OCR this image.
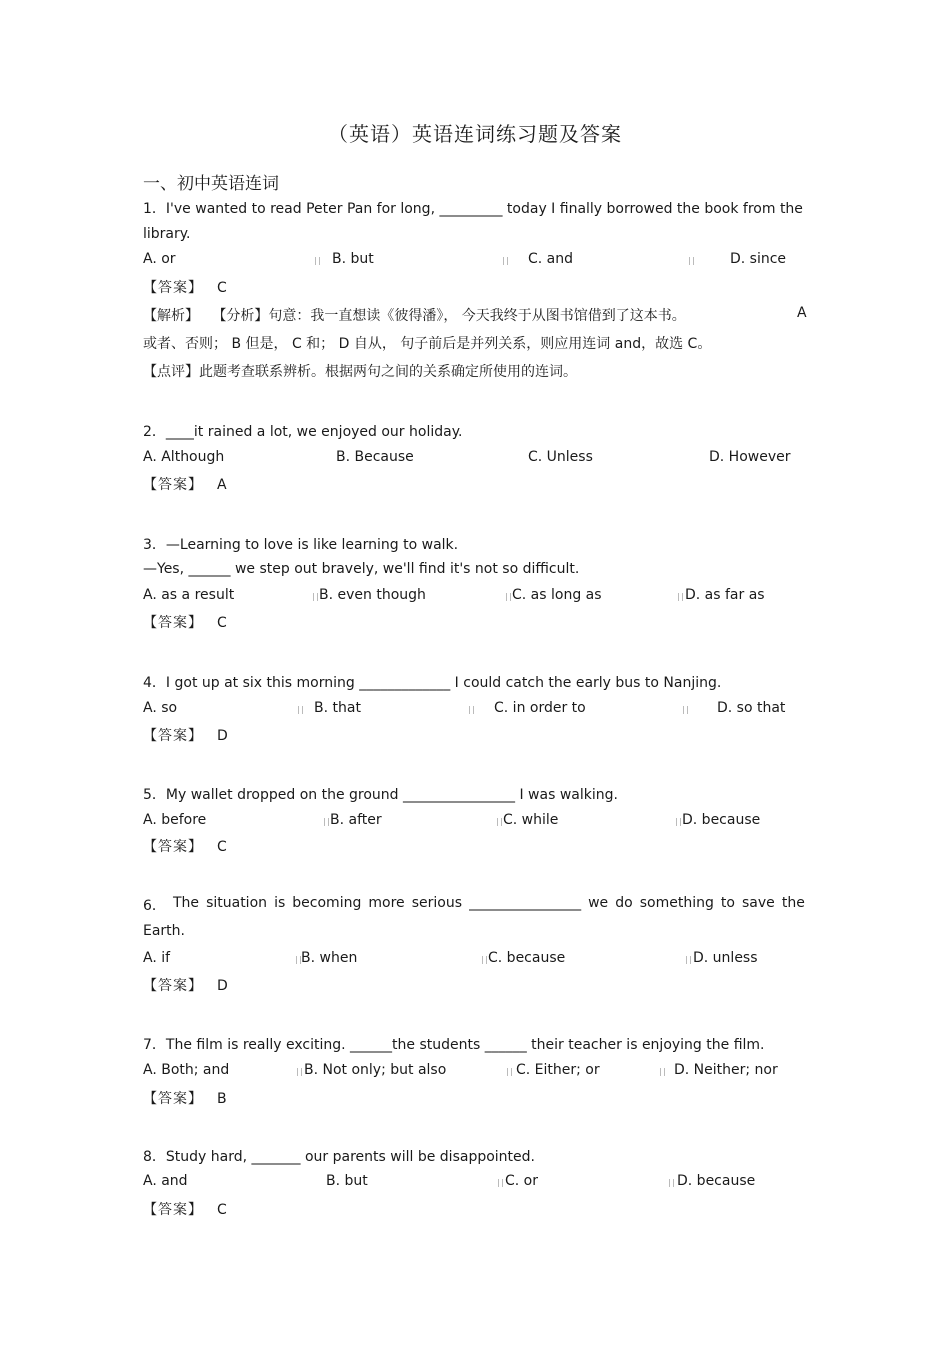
（英语）英语连词练习题及答案
一、初中英语连词
1．I've wanted to read Peter Pan for long, _________ today I finally borrowed the book from the
library.
A. or	B. but	C. and	D. since
【答案】 C
【解析】 【分析】句意：我一直想读《彼得潘》， 今天我终于从图书馆借到了这本书。	A
或者、否则； B 但是， C 和； D 自从， 句子前后是并列关系，则应用连词 and，故选 C。
【点评】此题考查联系辨析。根据两句之间的关系确定所使用的连词。
2．____it rained a lot, we enjoyed our holiday.
A. Although	B. Because	C. Unless	D. However
【答案】 A
3．—Learning to love is like learning to walk.
—Yes, ______ we step out bravely, we'll find it's not so difficult.
A. as a result	B. even though	C. as long as	D. as far as
【答案】 C
4．I got up at six this morning _____________ I could catch the early bus to Nanjing.
A. so	B. that	C. in order to	D. so that
【答案】 D
5．My wallet dropped on the ground ________________ I was walking.
A. before	B. after	C. while	D. because
【答案】 C
6． The situation is becoming more serious ________________ we do something to save the
Earth.
A. if	B. when	C. because	D. unless
【答案】 D
7．The film is really exciting. ______the students ______ their teacher is enjoying the film.
A. Both; and	B. Not only; but also	C. Either; or	D. Neither; nor
【答案】 B
8．Study hard, _______ our parents will be disappointed.
A. and	B. but	C. or	D. because
【答案】 C
